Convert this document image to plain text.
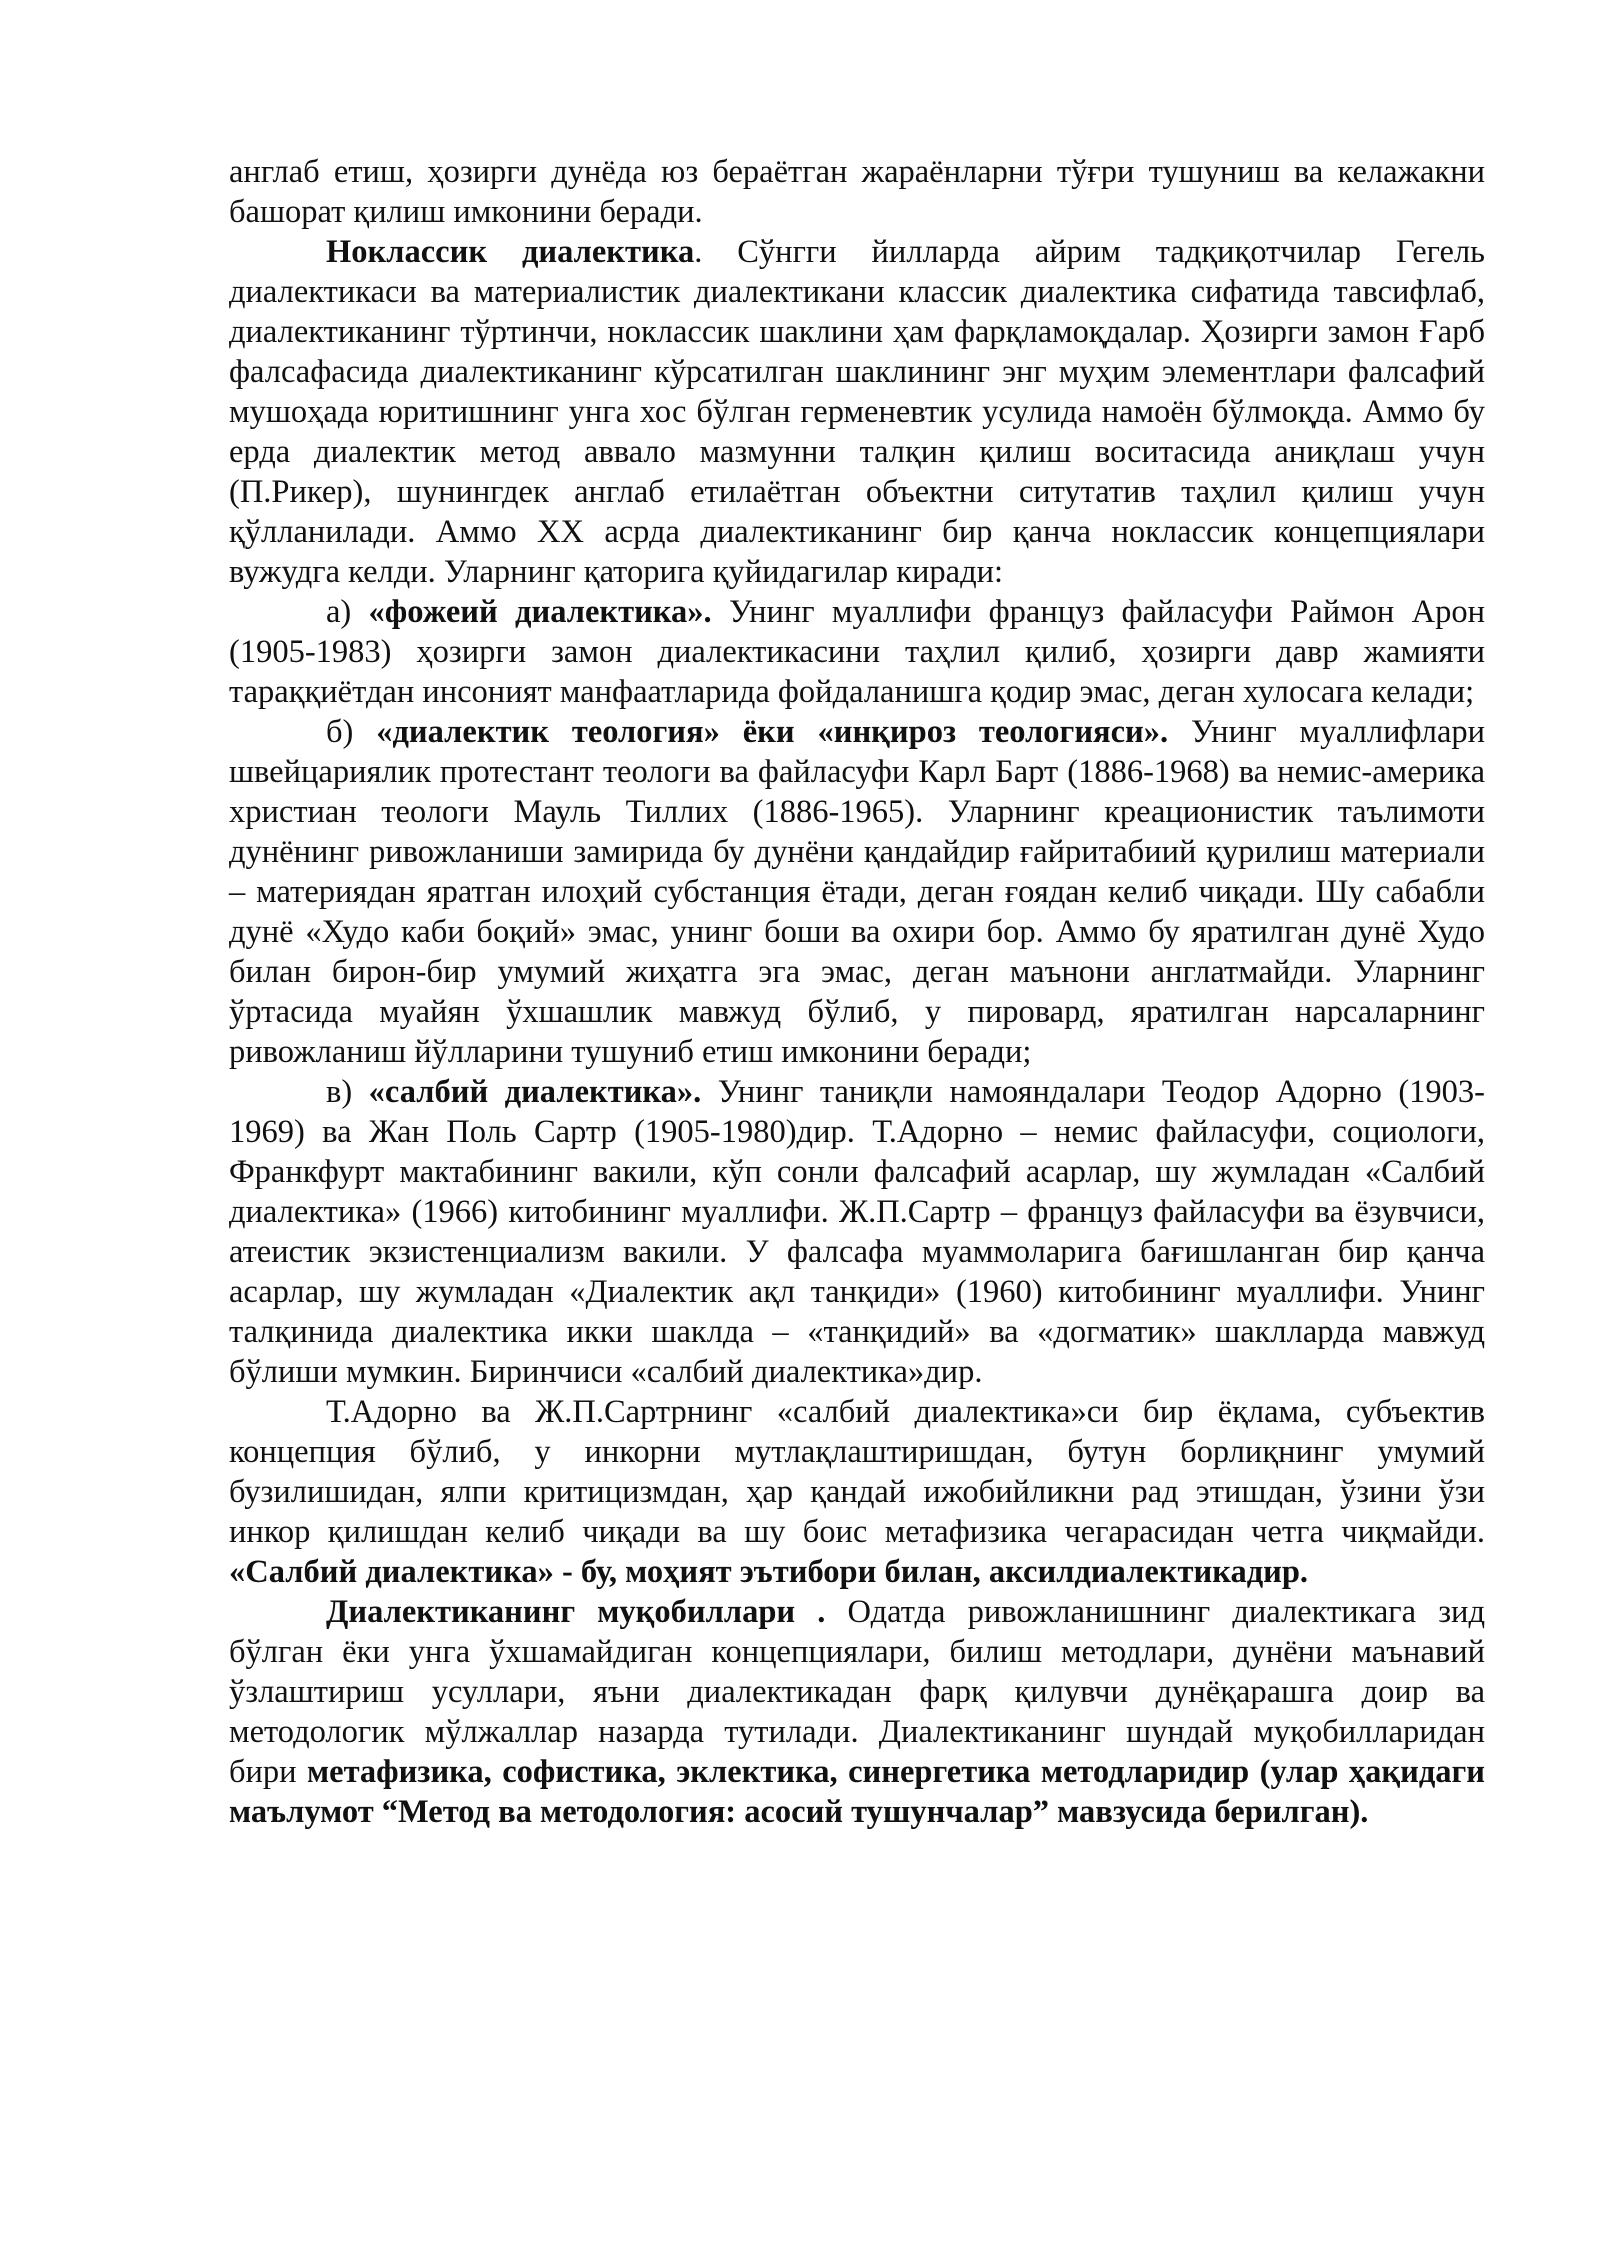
англаб етиш, ҳозирги дунёда юз бераётган жараёнларни тўғри тушуниш ва келажакни башорат қилиш имконини беради.

Ноклассик диалектика. Сўнгги йилларда айрим тадқиқотчилар Гегель диалектикаси ва материалистик диалектикани классик диалектика сифатида тавсифлаб, диалектиканинг тўртинчи, ноклассик шаклини ҳам фарқламоқдалар. Ҳозирги замон Ғарб фалсафасида диалектиканинг кўрсатилган шаклининг энг муҳим элементлари фалсафий мушоҳада юритишнинг унга хос бўлган герменевтик усулида намоён бўлмоқда. Аммо бу ерда диалектик метод аввало мазмунни талқин қилиш воситасида аниқлаш учун (П.Рикер), шунингдек англаб етилаётган объектни ситутатив таҳлил қилиш учун қўлланилади. Аммо XX асрда диалектиканинг бир қанча ноклассик концепциялари вужудга келди. Уларнинг қаторига қуйидагилар киради:

а) «фожеий диалектика». Унинг муаллифи француз файласуфи Раймон Арон (1905-1983) ҳозирги замон диалектикасини таҳлил қилиб, ҳозирги давр жамияти тараққиётдан инсоният манфаатларида фойдаланишга қодир эмас, деган хулосага келади;

б) «диалектик теология» ёки «инқироз теологияси». Унинг муаллифлари швейцариялик протестант теологи ва файласуфи Карл Барт (1886-1968) ва немис-америка христиан теологи Мауль Тиллих (1886-1965). Уларнинг креационистик таълимоти дунёнинг ривожланиши замирида бу дунёни қандайдир ғайритабиий қурилиш материали – материядан яратган илоҳий субстанция ётади, деган ғоядан келиб чиқади. Шу сабабли дунё «Худо каби боқий» эмас, унинг боши ва охири бор. Аммо бу яратилган дунё Худо билан бирон-бир умумий жиҳатга эга эмас, деган маънони англатмайди. Уларнинг ўртасида муайян ўхшашлик мавжуд бўлиб, у пировард, яратилган нарсаларнинг ривожланиш йўлларини тушуниб етиш имконини беради;

в) «салбий диалектика». Унинг таниқли намояндалари Теодор Адорно (1903-1969) ва Жан Поль Сартр (1905-1980)дир. Т.Адорно – немис файласуфи, социологи, Франкфурт мактабининг вакили, кўп сонли фалсафий асарлар, шу жумладан «Салбий диалектика» (1966) китобининг муаллифи. Ж.П.Сартр – француз файласуфи ва ёзувчиси, атеистик экзистенциализм вакили. У фалсафа муаммоларига бағишланган бир қанча асарлар, шу жумладан «Диалектик ақл танқиди» (1960) китобининг муаллифи. Унинг талқинида диалектика икки шаклда – «танқидий» ва «догматик» шаклларда мавжуд бўлиши мумкин. Биринчиси «салбий диалектика»дир.

Т.Адорно ва Ж.П.Сартрнинг «салбий диалектика»си бир ёқлама, субъектив концепция бўлиб, у инкорни мутлақлаштиришдан, бутун борлиқнинг умумий бузилишидан, ялпи критицизмдан, ҳар қандай ижобийликни рад этишдан, ўзини ўзи инкор қилишдан келиб чиқади ва шу боис метафизика чегарасидан четга чиқмайди. «Салбий диалектика» - бу, моҳият эътибори билан, аксилдиалектикадир.

Диалектиканинг муқобиллари . Одатда ривожланишнинг диалектикага зид бўлган ёки унга ўхшамайдиган концепциялари, билиш методлари, дунёни маънавий ўзлаштириш усуллари, яъни диалектикадан фарқ қилувчи дунёқарашга доир ва методологик мўлжаллар назарда тутилади. Диалектиканинг шундай муқобилларидан бири метафизика, софистика, эклектика, синергетика методларидир (улар ҳақидаги маълумот “Метод ва методология: асосий тушунчалар” мавзусида берилган).
